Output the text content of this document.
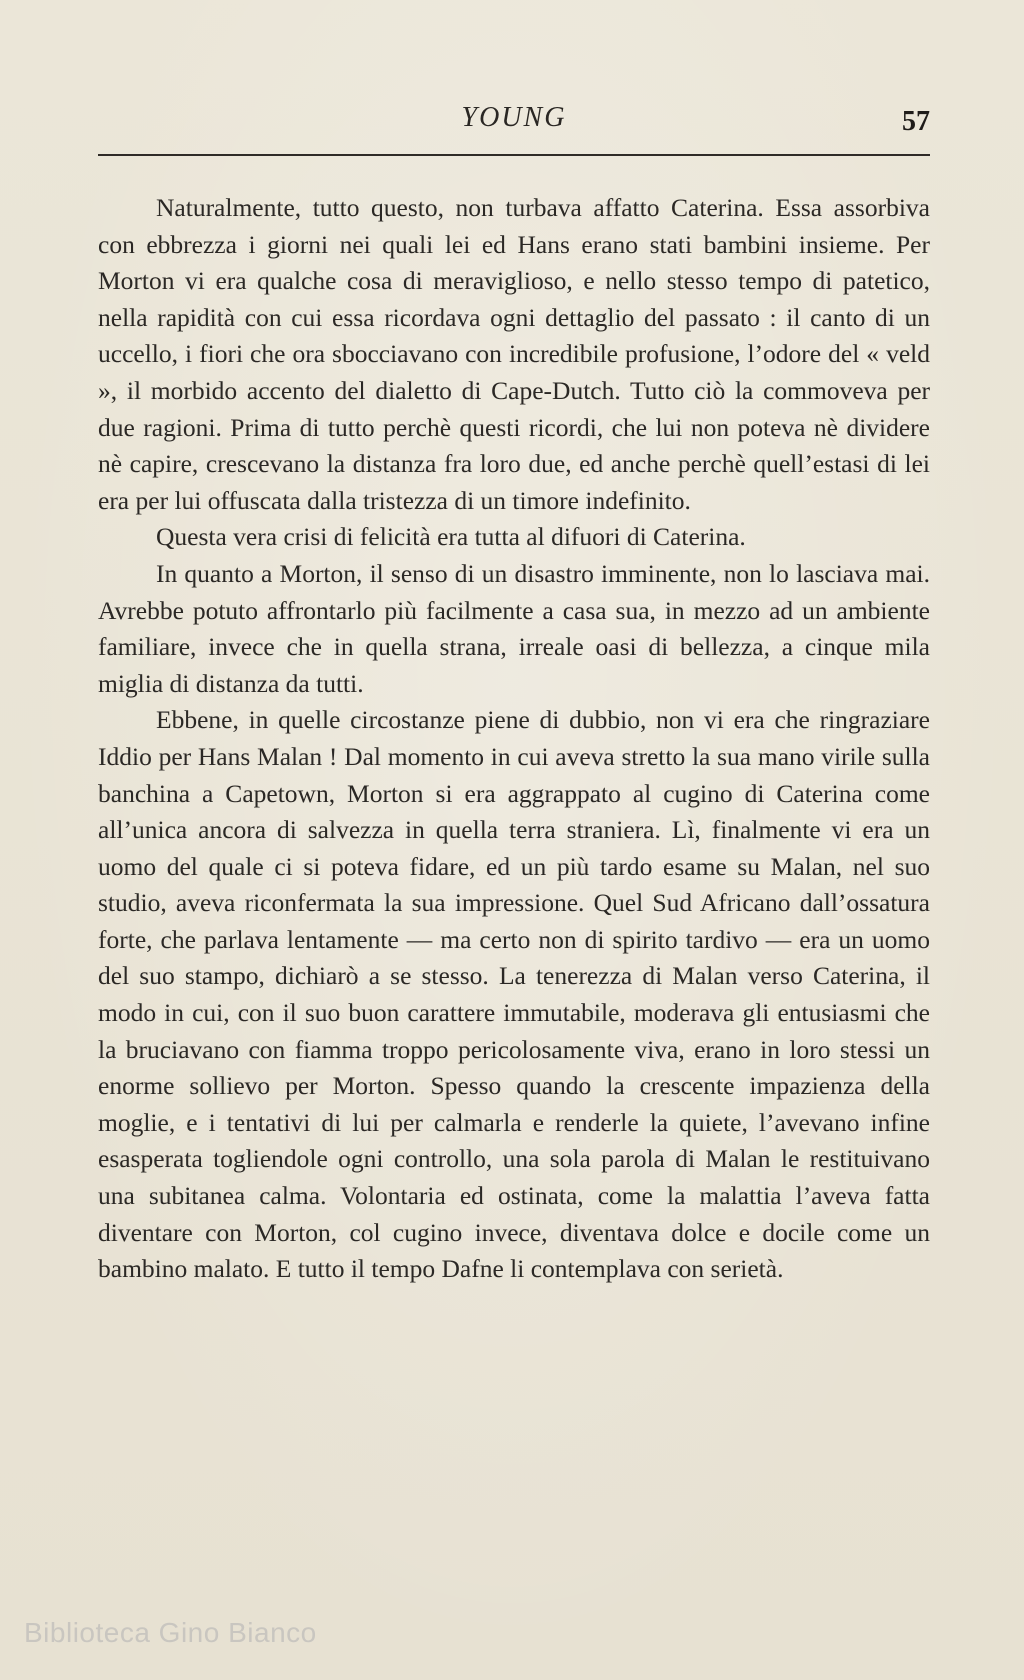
YOUNG	57

Naturalmente, tutto questo, non turbava affatto Caterina. Essa assorbiva con ebbrezza i giorni nei quali lei ed Hans erano stati bambini insieme. Per Morton vi era qualche cosa di meraviglioso, e nello stesso tempo di patetico, nella rapidità con cui essa ricordava ogni dettaglio del passato : il canto di un uccello, i fiori che ora sbocciavano con incredibile profusione, l’odore del « veld », il morbido accento del dialetto di Cape-Dutch. Tutto ciò la commoveva per due ragioni. Prima di tutto perchè questi ricordi, che lui non poteva nè dividere nè capire, crescevano la distanza fra loro due, ed anche perchè quell’estasi di lei era per lui offuscata dalla tristezza di un timore indefinito.

Questa vera crisi di felicità era tutta al difuori di Caterina.

In quanto a Morton, il senso di un disastro imminente, non lo lasciava mai. Avrebbe potuto affrontarlo più facilmente a casa sua, in mezzo ad un ambiente familiare, invece che in quella strana, irreale oasi di bellezza, a cinque mila miglia di distanza da tutti.

Ebbene, in quelle circostanze piene di dubbio, non vi era che ringraziare Iddio per Hans Malan ! Dal momento in cui aveva stretto la sua mano virile sulla banchina a Capetown, Morton si era aggrappato al cugino di Caterina come all’unica ancora di salvezza in quella terra straniera. Lì, finalmente vi era un uomo del quale ci si poteva fidare, ed un più tardo esame su Malan, nel suo studio, aveva riconfermata la sua impressione. Quel Sud Africano dall’ossatura forte, che parlava lentamente — ma certo non di spirito tardivo — era un uomo del suo stampo, dichiarò a se stesso. La tenerezza di Malan verso Caterina, il modo in cui, con il suo buon carattere immutabile, moderava gli entusiasmi che la bruciavano con fiamma troppo pericolosamente viva, erano in loro stessi un enorme sollievo per Morton. Spesso quando la crescente impazienza della moglie, e i tentativi di lui per calmarla e renderle la quiete, l’avevano infine esasperata togliendole ogni controllo, una sola parola di Malan le restituivano una subitanea calma. Volontaria ed ostinata, come la malattia l’aveva fatta diventare con Morton, col cugino invece, diventava dolce e docile come un bambino malato. E tutto il tempo Dafne li contemplava con serietà.

Biblioteca Gino Bianco
